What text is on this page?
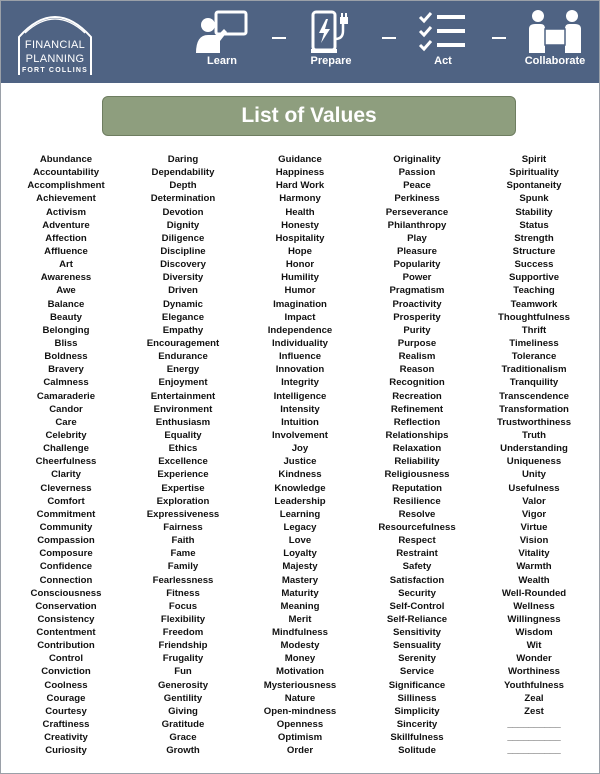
FINANCIAL
PLANNING
FORT COLLINS
Learn	Prepare	Act	Collaborate
List of Values
Abundance
Accountability
Accomplishment
Achievement
Activism
Adventure
Affection
Affluence
Art
Awareness
Awe
Balance
Beauty
Belonging
Bliss
Boldness
Bravery
Calmness
Camaraderie
Candor
Care
Celebrity
Challenge
Cheerfulness
Clarity
Cleverness
Comfort
Commitment
Community
Compassion
Composure
Confidence
Connection
Consciousness
Conservation
Consistency
Contentment
Contribution
Control
Conviction
Coolness
Courage
Courtesy
Craftiness
Creativity
Curiosity
Daring
Dependability
Depth
Determination
Devotion
Dignity
Diligence
Discipline
Discovery
Diversity
Driven
Dynamic
Elegance
Empathy
Encouragement
Endurance
Energy
Enjoyment
Entertainment
Environment
Enthusiasm
Equality
Ethics
Excellence
Experience
Expertise
Exploration
Expressiveness
Fairness
Faith
Fame
Family
Fearlessness
Fitness
Focus
Flexibility
Freedom
Friendship
Frugality
Fun
Generosity
Gentility
Giving
Gratitude
Grace
Growth
Guidance
Happiness
Hard Work
Harmony
Health
Honesty
Hospitality
Hope
Honor
Humility
Humor
Imagination
Impact
Independence
Individuality
Influence
Innovation
Integrity
Intelligence
Intensity
Intuition
Involvement
Joy
Justice
Kindness
Knowledge
Leadership
Learning
Legacy
Love
Loyalty
Majesty
Mastery
Maturity
Meaning
Merit
Mindfulness
Modesty
Money
Motivation
Mysteriousness
Nature
Open-mindness
Openness
Optimism
Order
Originality
Passion
Peace
Perkiness
Perseverance
Philanthropy
Play
Pleasure
Popularity
Power
Pragmatism
Proactivity
Prosperity
Purity
Purpose
Realism
Reason
Recognition
Recreation
Refinement
Reflection
Relationships
Relaxation
Reliability
Religiousness
Reputation
Resilience
Resolve
Resourcefulness
Respect
Restraint
Safety
Satisfaction
Security
Self-Control
Self-Reliance
Sensitivity
Sensuality
Serenity
Service
Significance
Silliness
Simplicity
Sincerity
Skillfulness
Solitude
Spirit
Spirituality
Spontaneity
Spunk
Stability
Status
Strength
Structure
Success
Supportive
Teaching
Teamwork
Thoughtfulness
Thrift
Timeliness
Tolerance
Traditionalism
Tranquility
Transcendence
Transformation
Trustworthiness
Truth
Understanding
Uniqueness
Unity
Usefulness
Valor
Vigor
Virtue
Vision
Vitality
Warmth
Wealth
Well-Rounded
Wellness
Willingness
Wisdom
Wit
Wonder
Worthiness
Youthfulness
Zeal
Zest
__________
__________
__________
